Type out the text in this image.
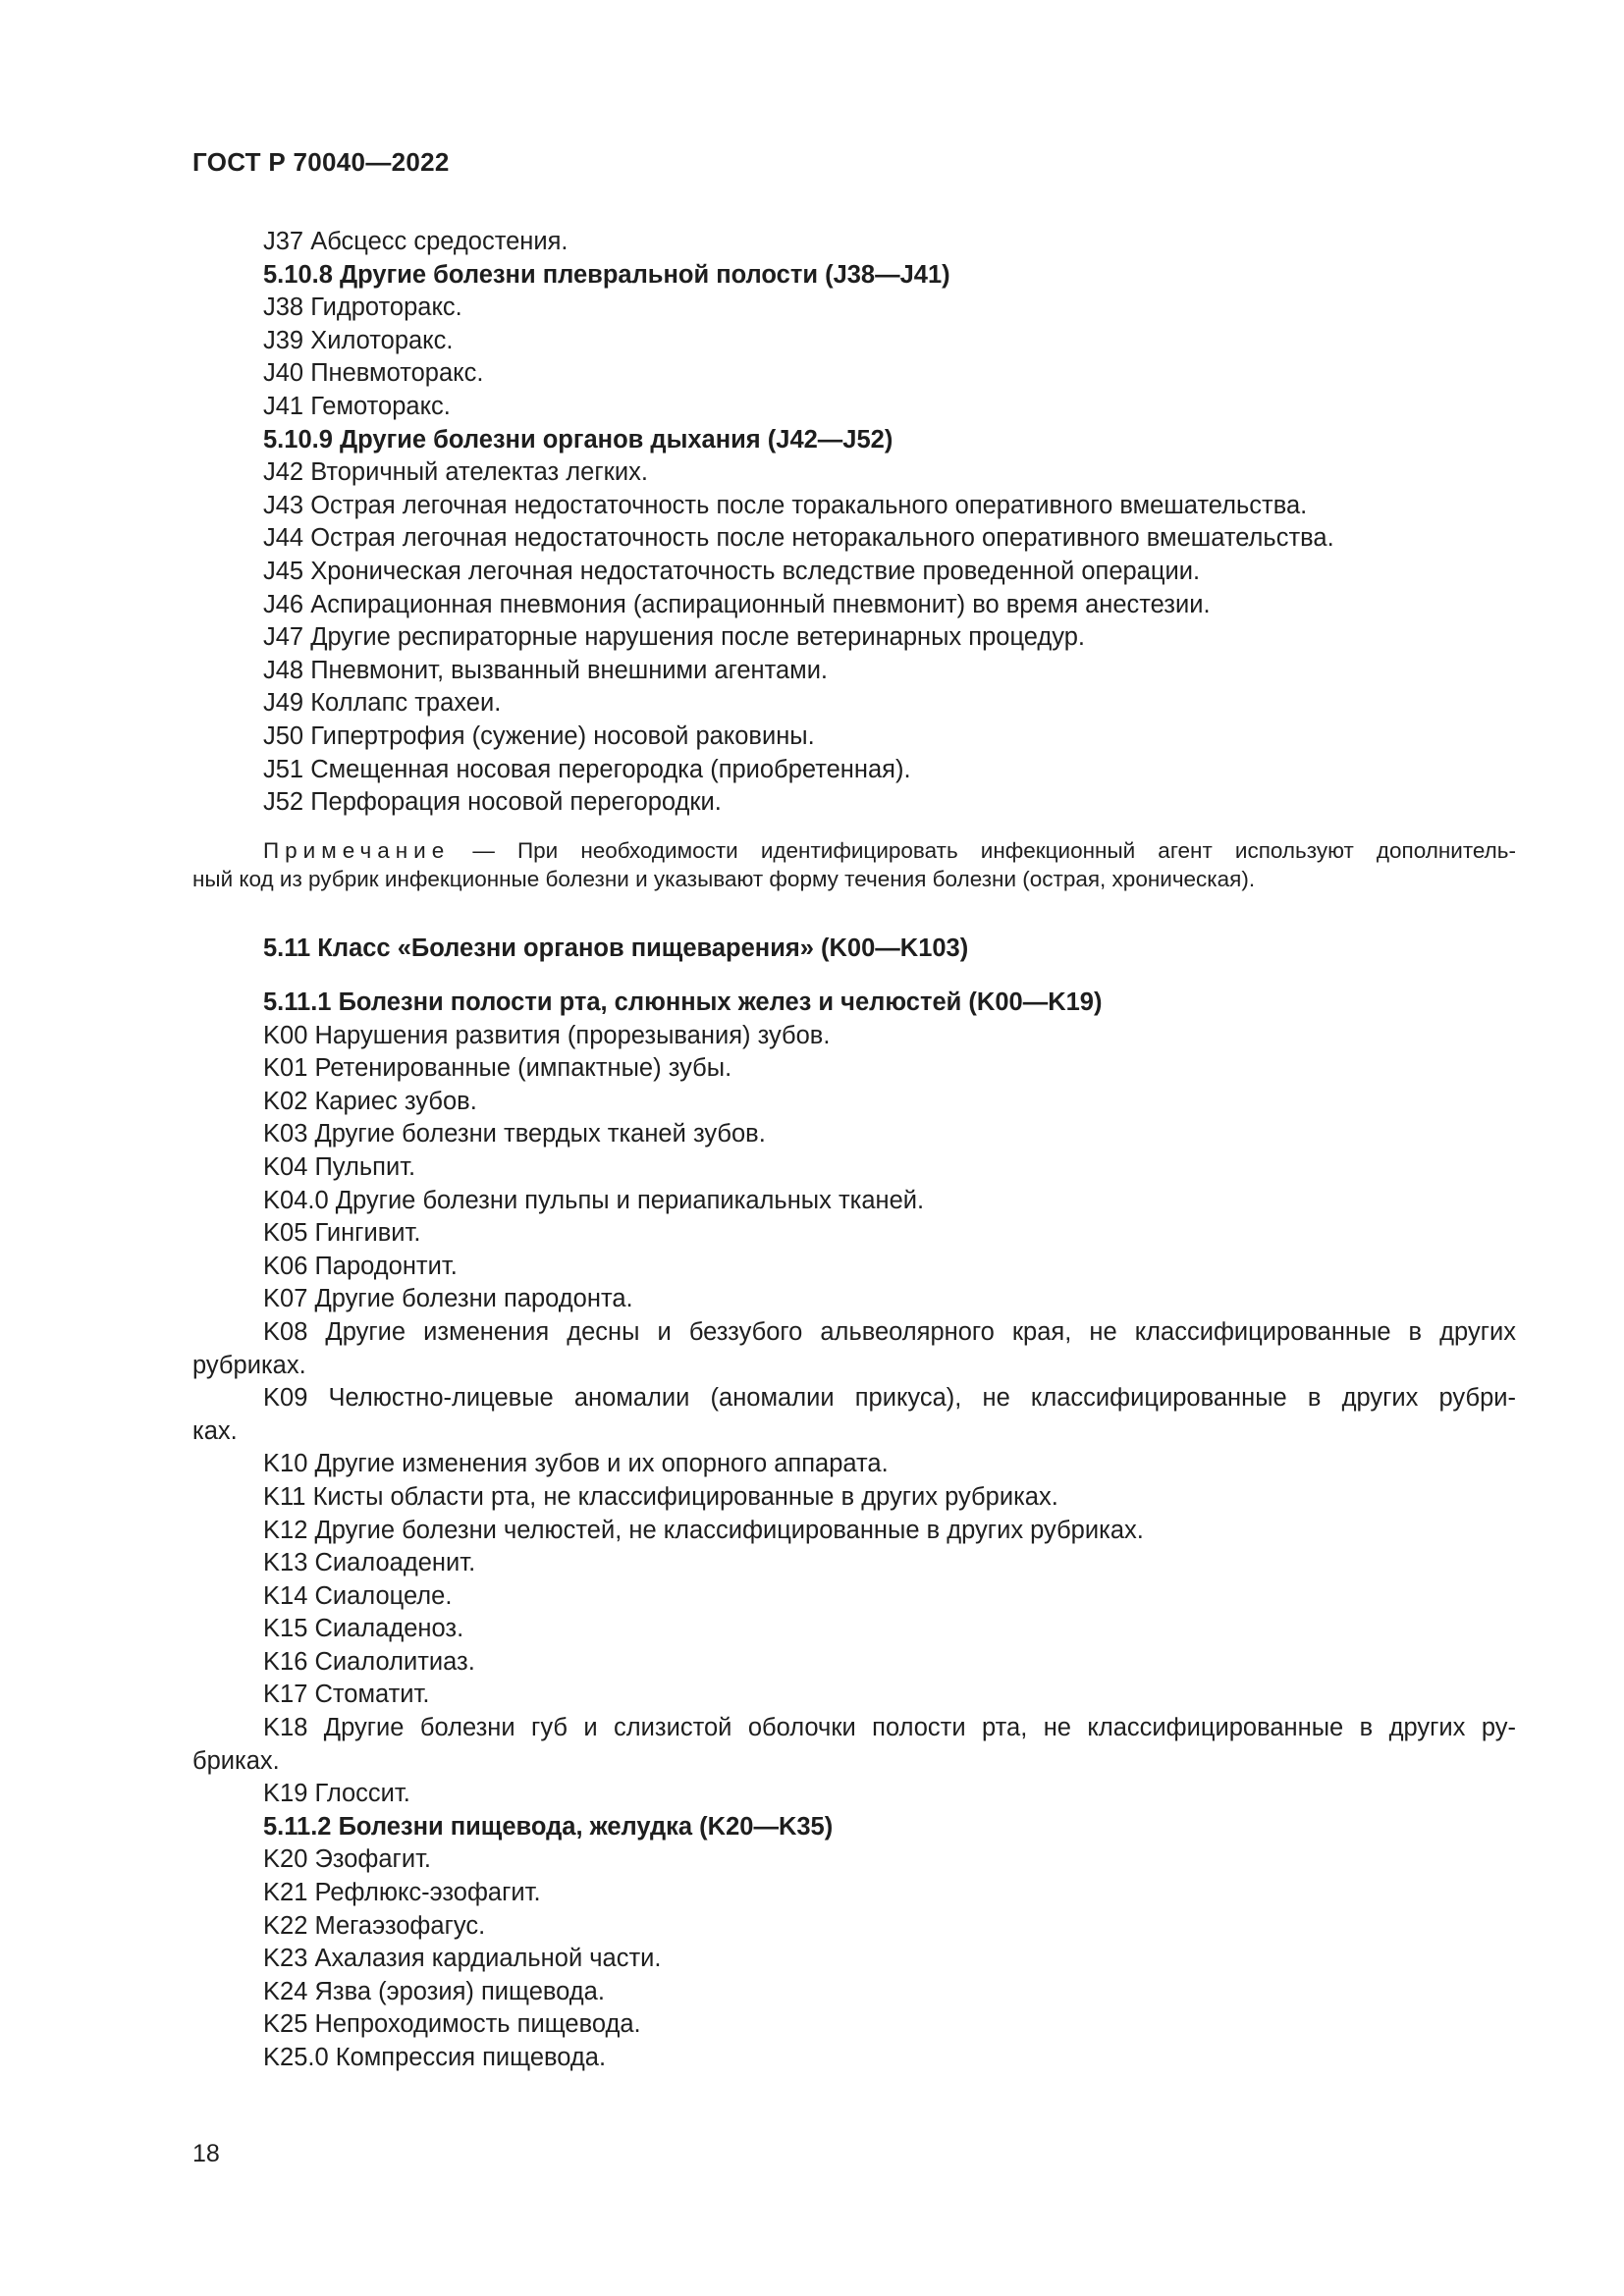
ГОСТ Р 70040—2022
J37 Абсцесс средостения.
5.10.8 Другие болезни плевральной полости (J38—J41)
J38 Гидроторакс.
J39 Хилоторакс.
J40 Пневмоторакс.
J41 Гемоторакс.
5.10.9 Другие болезни органов дыхания (J42—J52)
J42 Вторичный ателектаз легких.
J43 Острая легочная недостаточность после торакального оперативного вмешательства.
J44 Острая легочная недостаточность после неторакального оперативного вмешательства.
J45 Хроническая легочная недостаточность вследствие проведенной операции.
J46 Аспирационная пневмония (аспирационный пневмонит) во время анестезии.
J47 Другие респираторные нарушения после ветеринарных процедур.
J48 Пневмонит, вызванный внешними агентами.
J49 Коллапс трахеи.
J50 Гипертрофия (сужение) носовой раковины.
J51 Смещенная носовая перегородка (приобретенная).
J52 Перфорация носовой перегородки.
Примечание — При необходимости идентифицировать инфекционный агент используют дополнитель-
ный код из рубрик инфекционные болезни и указывают форму течения болезни (острая, хроническая).
5.11 Класс «Болезни органов пищеварения» (K00—K103)
5.11.1 Болезни полости рта, слюнных желез и челюстей (K00—K19)
K00 Нарушения развития (прорезывания) зубов.
K01 Ретенированные (импактные) зубы.
K02 Кариес зубов.
K03 Другие болезни твердых тканей зубов.
K04 Пульпит.
K04.0 Другие болезни пульпы и периапикальных тканей.
K05 Гингивит.
K06 Пародонтит.
K07 Другие болезни пародонта.
K08 Другие изменения десны и беззубого альвеолярного края, не классифицированные в других
рубриках.
K09 Челюстно-лицевые аномалии (аномалии прикуса), не классифицированные в других рубри-
ках.
K10 Другие изменения зубов и их опорного аппарата.
K11 Кисты области рта, не классифицированные в других рубриках.
K12 Другие болезни челюстей, не классифицированные в других рубриках.
K13 Сиалоаденит.
K14 Сиалоцеле.
K15 Сиаладеноз.
K16 Сиалолитиаз.
K17 Стоматит.
K18 Другие болезни губ и слизистой оболочки полости рта, не классифицированные в других ру-
бриках.
K19 Глоссит.
5.11.2 Болезни пищевода, желудка (K20—K35)
K20 Эзофагит.
K21 Рефлюкс-эзофагит.
K22 Мегаэзофагус.
K23 Ахалазия кардиальной части.
K24 Язва (эрозия) пищевода.
K25 Непроходимость пищевода.
K25.0 Компрессия пищевода.
18
